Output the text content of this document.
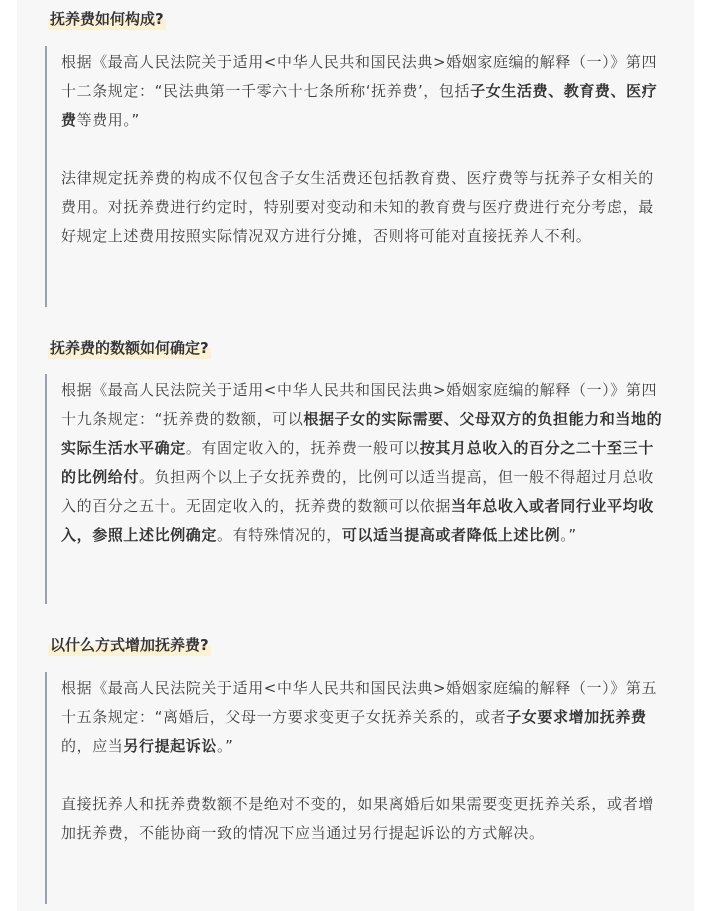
抚养费如何构成?

根据《最高人民法院关于适用<中华人民共和国民法典>婚姻家庭编的解释（一）》第四十二条规定：“民法典第一千零六十七条所称‘抚养费’，包括子女生活费、教育费、医疗费等费用。”

法律规定抚养费的构成不仅包含子女生活费还包括教育费、医疗费等与抚养子女相关的费用。对抚养费进行约定时，特别要对变动和未知的教育费与医疗费进行充分考虑，最好规定上述费用按照实际情况双方进行分摊，否则将可能对直接抚养人不利。

抚养费的数额如何确定?

根据《最高人民法院关于适用<中华人民共和国民法典>婚姻家庭编的解释（一）》第四十九条规定：“抚养费的数额，可以根据子女的实际需要、父母双方的负担能力和当地的实际生活水平确定。有固定收入的，抚养费一般可以按其月总收入的百分之二十至三十的比例给付。负担两个以上子女抚养费的，比例可以适当提高，但一般不得超过月总收入的百分之五十。无固定收入的，抚养费的数额可以依据当年总收入或者同行业平均收入，参照上述比例确定。有特殊情况的，可以适当提高或者降低上述比例。”

以什么方式增加抚养费?

根据《最高人民法院关于适用<中华人民共和国民法典>婚姻家庭编的解释（一）》第五十五条规定：“离婚后，父母一方要求变更子女抚养关系的，或者子女要求增加抚养费的，应当另行提起诉讼。”

直接抚养人和抚养费数额不是绝对不变的，如果离婚后如果需要变更抚养关系，或者增加抚养费，不能协商一致的情况下应当通过另行提起诉讼的方式解决。
